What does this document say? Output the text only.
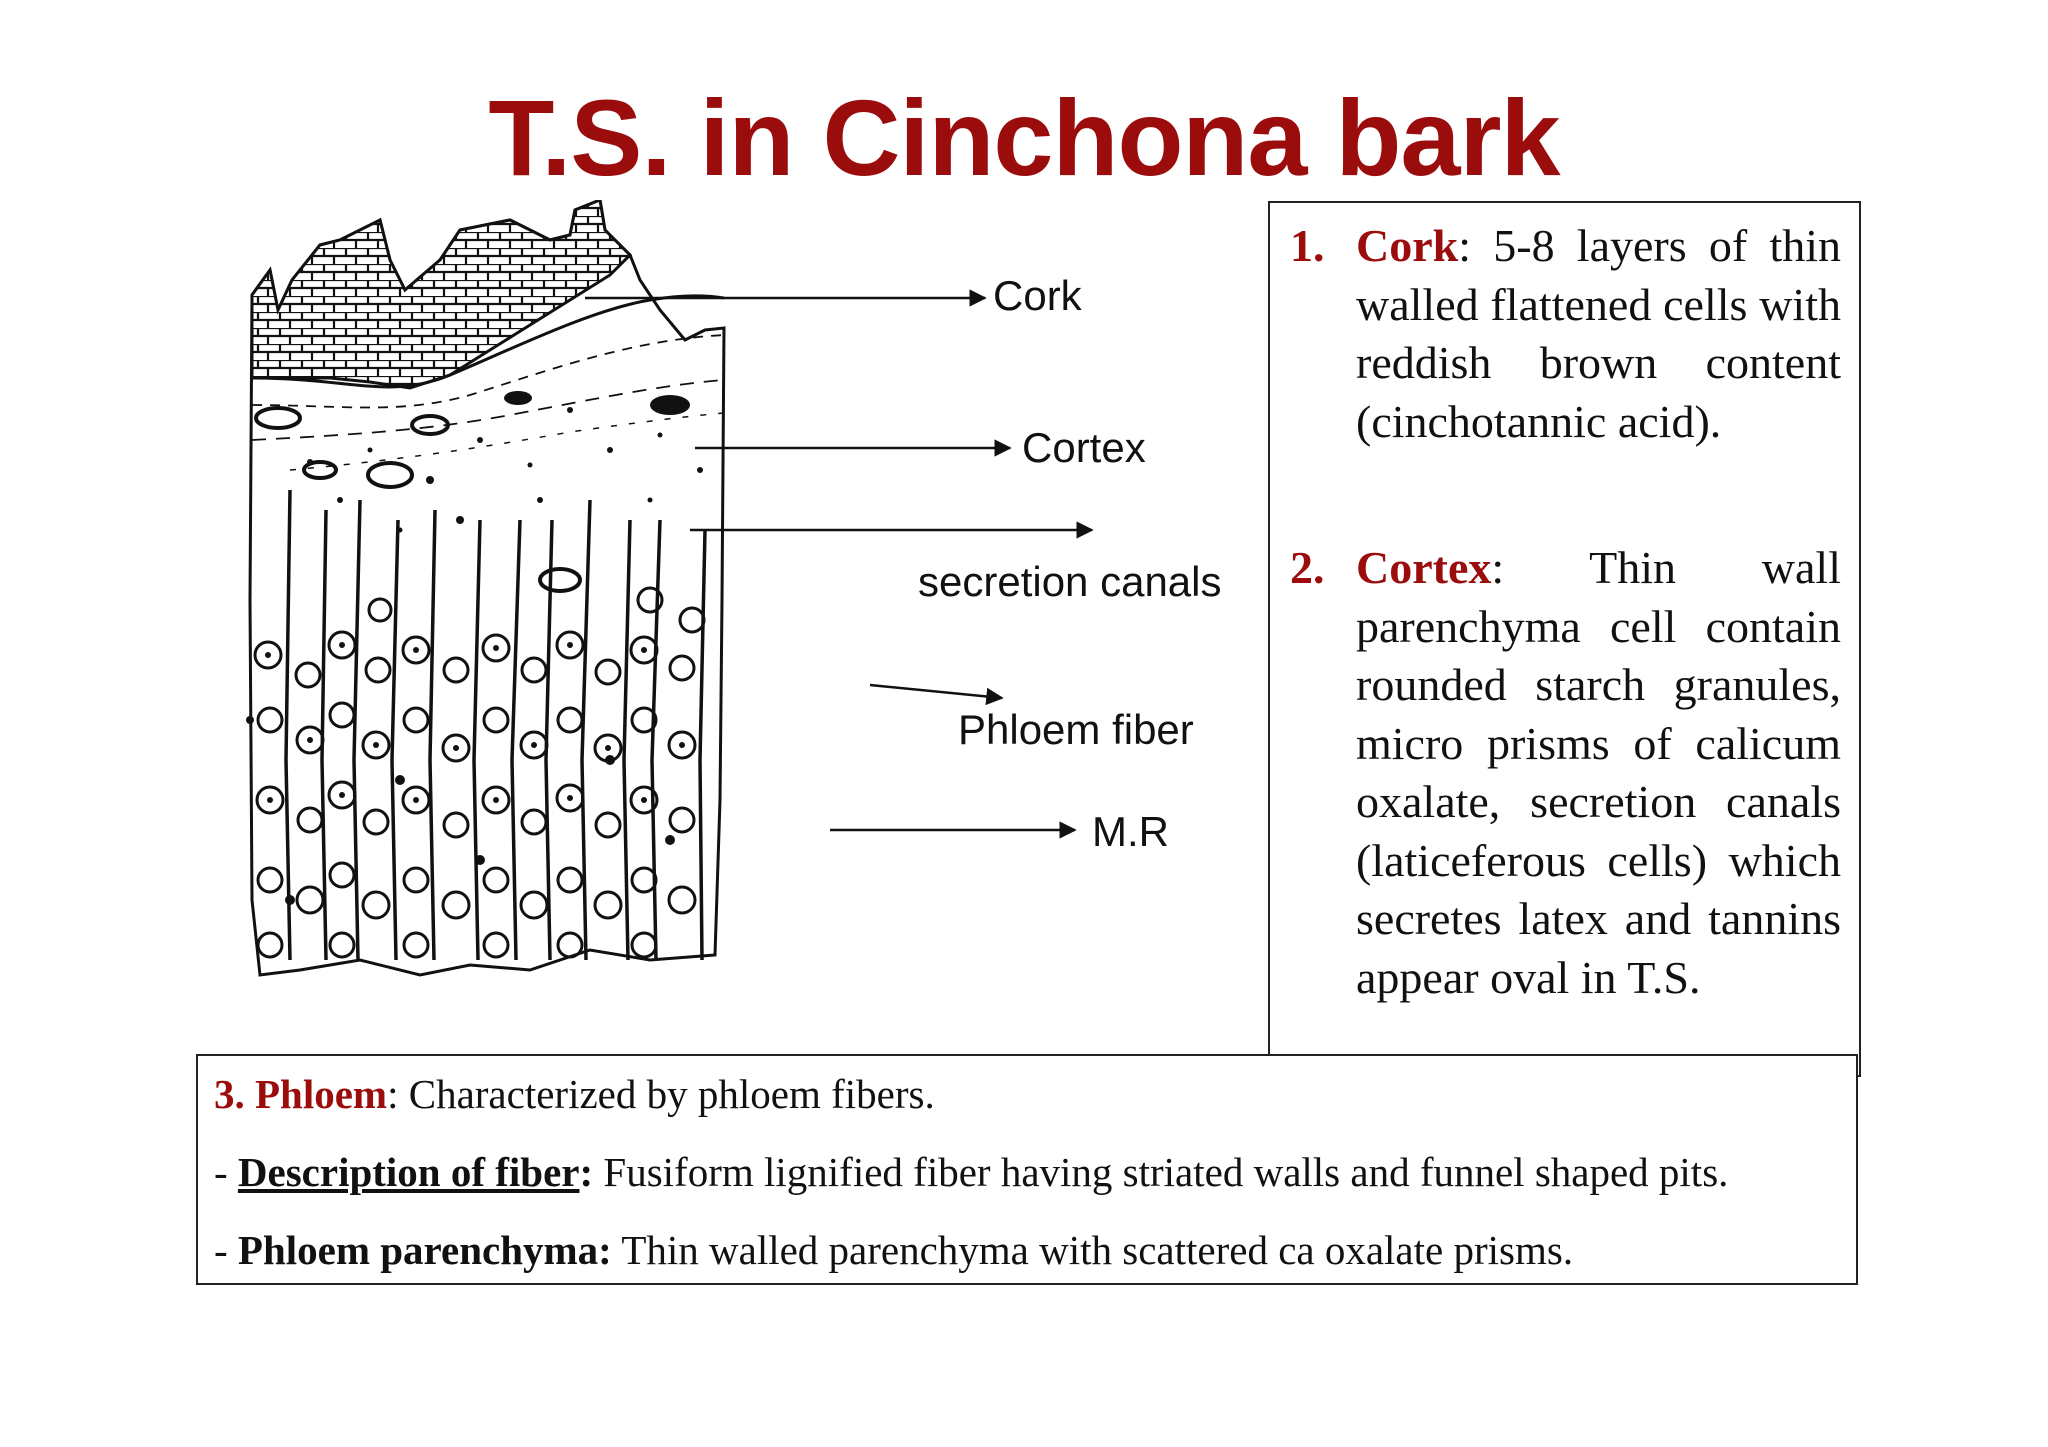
T.S. in Cinchona bark
Cork
Cortex
secretion canals
Phloem fiber
M.R
1. Cork: 5-8 layers of thin walled flattened cells with reddish brown content (cinchotannic acid).
2. Cortex: Thin wall parenchyma cell contain rounded starch granules, micro prisms of calicum oxalate, secretion canals (laticeferous cells) which secretes latex and tannins appear oval in T.S.
3. Phloem: Characterized by phloem fibers.
- Description of fiber: Fusiform lignified fiber having striated walls and funnel shaped pits.
- Phloem parenchyma: Thin walled parenchyma with scattered ca oxalate prisms.
